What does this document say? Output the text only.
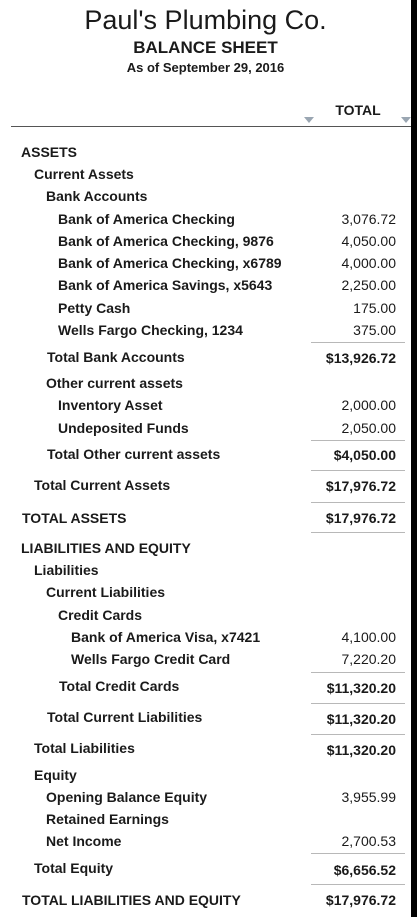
Paul's Plumbing Co.
BALANCE SHEET
As of September 29, 2016
TOTAL
ASSETS
Current Assets
Bank Accounts
Bank of America Checking	3,076.72
Bank of America Checking, 9876	4,050.00
Bank of America Checking, x6789	4,000.00
Bank of America Savings, x5643	2,250.00
Petty Cash	175.00
Wells Fargo Checking, 1234	375.00
Total Bank Accounts	$13,926.72
Other current assets
Inventory Asset	2,000.00
Undeposited Funds	2,050.00
Total Other current assets	$4,050.00
Total Current Assets	$17,976.72
TOTAL ASSETS	$17,976.72
LIABILITIES AND EQUITY
Liabilities
Current Liabilities
Credit Cards
Bank of America Visa, x7421	4,100.00
Wells Fargo Credit Card	7,220.20
Total Credit Cards	$11,320.20
Total Current Liabilities	$11,320.20
Total Liabilities	$11,320.20
Equity
Opening Balance Equity	3,955.99
Retained Earnings
Net Income	2,700.53
Total Equity	$6,656.52
TOTAL LIABILITIES AND EQUITY	$17,976.72
